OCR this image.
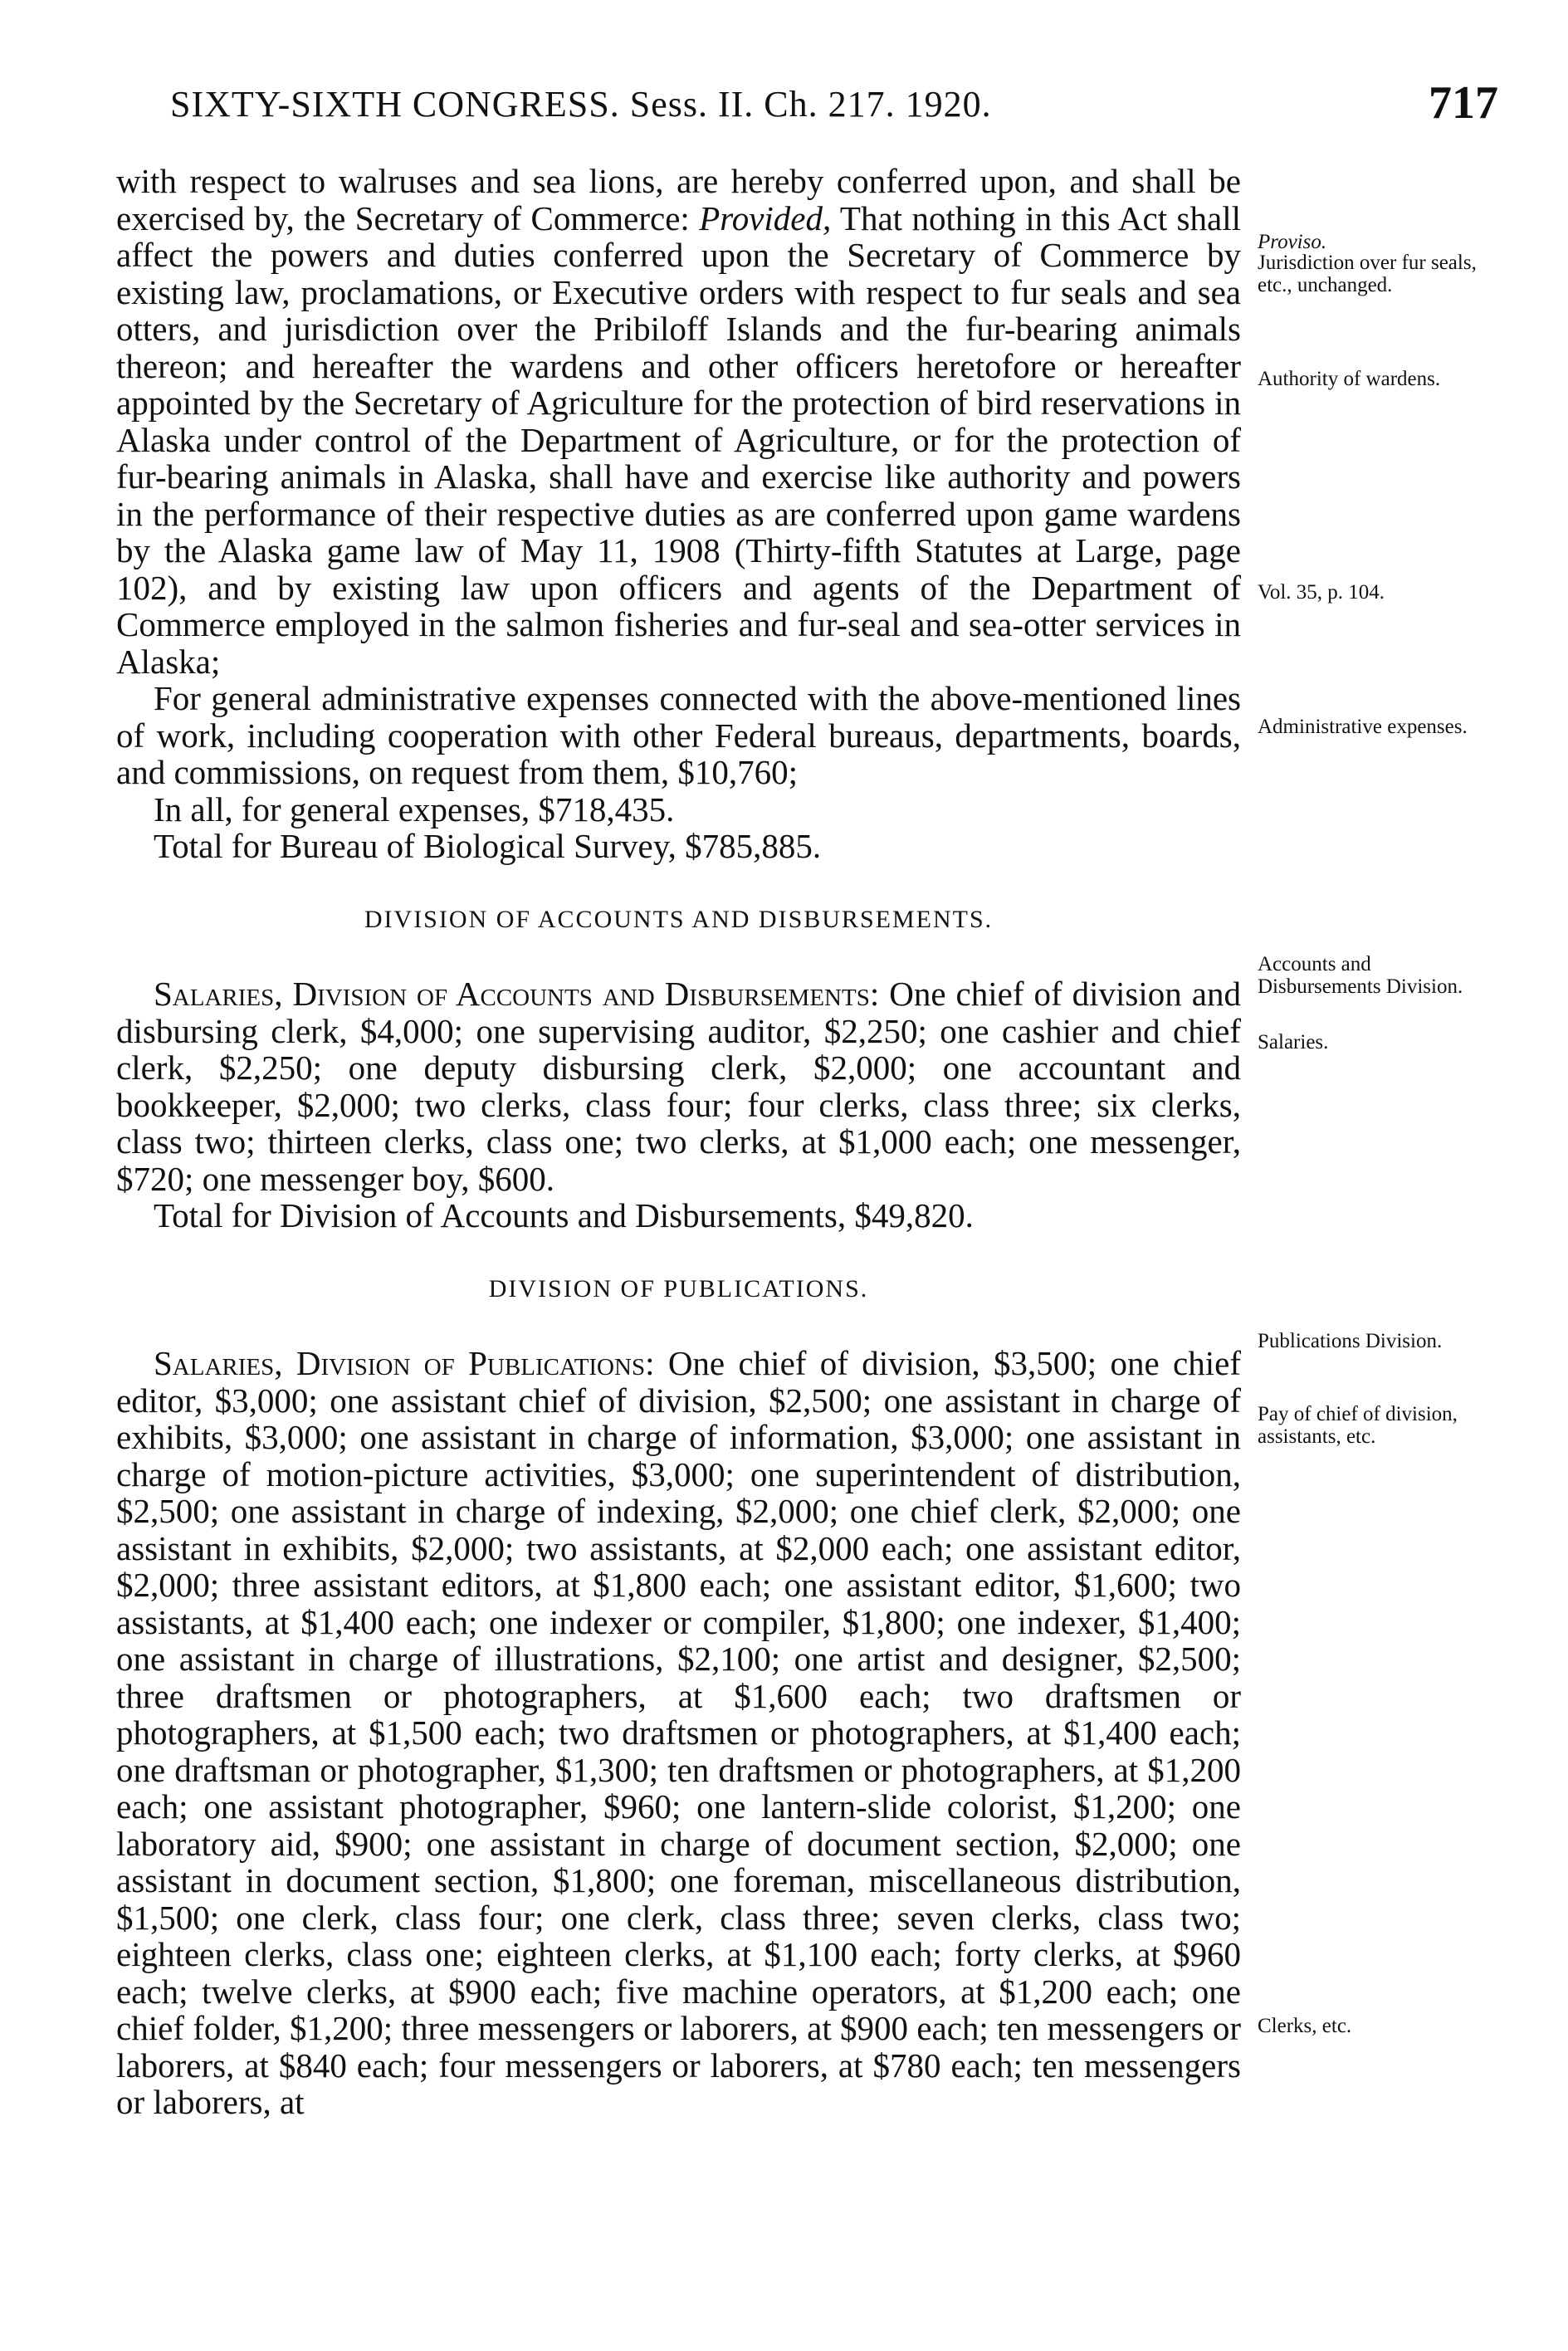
SIXTY-SIXTH CONGRESS. Sess. II. Ch. 217. 1920.	717

with respect to walruses and sea lions, are hereby conferred upon, and shall be exercised by, the Secretary of Commerce: Provided, That nothing in this Act shall affect the powers and duties conferred upon the Secretary of Commerce by existing law, proclamations, or Executive orders with respect to fur seals and sea otters, and jurisdiction over the Pribiloff Islands and the fur-bearing animals thereon; and hereafter the wardens and other officers heretofore or hereafter appointed by the Secretary of Agriculture for the protection of bird reservations in Alaska under control of the Department of Agriculture, or for the protection of fur-bearing animals in Alaska, shall have and exercise like authority and powers in the performance of their respective duties as are conferred upon game wardens by the Alaska game law of May 11, 1908 (Thirty-fifth Statutes at Large, page 102), and by existing law upon officers and agents of the Department of Commerce employed in the salmon fisheries and fur-seal and sea-otter services in Alaska;

For general administrative expenses connected with the above-mentioned lines of work, including cooperation with other Federal bureaus, departments, boards, and commissions, on request from them, $10,760;

In all, for general expenses, $718,435.

Total for Bureau of Biological Survey, $785,885.

DIVISION OF ACCOUNTS AND DISBURSEMENTS.

Salaries, Division of Accounts and Disbursements: One chief of division and disbursing clerk, $4,000; one supervising auditor, $2,250; one cashier and chief clerk, $2,250; one deputy disbursing clerk, $2,000; one accountant and bookkeeper, $2,000; two clerks, class four; four clerks, class three; six clerks, class two; thirteen clerks, class one; two clerks, at $1,000 each; one messenger, $720; one messenger boy, $600.

Total for Division of Accounts and Disbursements, $49,820.

DIVISION OF PUBLICATIONS.

Salaries, Division of Publications: One chief of division, $3,500; one chief editor, $3,000; one assistant chief of division, $2,500; one assistant in charge of exhibits, $3,000; one assistant in charge of information, $3,000; one assistant in charge of motion-picture activities, $3,000; one superintendent of distribution, $2,500; one assistant in charge of indexing, $2,000; one chief clerk, $2,000; one assistant in exhibits, $2,000; two assistants, at $2,000 each; one assistant editor, $2,000; three assistant editors, at $1,800 each; one assistant editor, $1,600; two assistants, at $1,400 each; one indexer or compiler, $1,800; one indexer, $1,400; one assistant in charge of illustrations, $2,100; one artist and designer, $2,500; three draftsmen or photographers, at $1,600 each; two draftsmen or photographers, at $1,500 each; two draftsmen or photographers, at $1,400 each; one draftsman or photographer, $1,300; ten draftsmen or photographers, at $1,200 each; one assistant photographer, $960; one lantern-slide colorist, $1,200; one laboratory aid, $900; one assistant in charge of document section, $2,000; one assistant in document section, $1,800; one foreman, miscellaneous distribution, $1,500; one clerk, class four; one clerk, class three; seven clerks, class two; eighteen clerks, class one; eighteen clerks, at $1,100 each; forty clerks, at $960 each; twelve clerks, at $900 each; five machine operators, at $1,200 each; one chief folder, $1,200; three messengers or laborers, at $900 each; ten messengers or laborers, at $840 each; four messengers or laborers, at $780 each; ten messengers or laborers, at

Proviso.
Jurisdiction over fur seals, etc., unchanged.
Authority of wardens.
Vol. 35, p. 104.
Administrative expenses.
Accounts and Disbursements Division.
Salaries.
Publications Division.
Pay of chief of division, assistants, etc.
Clerks, etc.
